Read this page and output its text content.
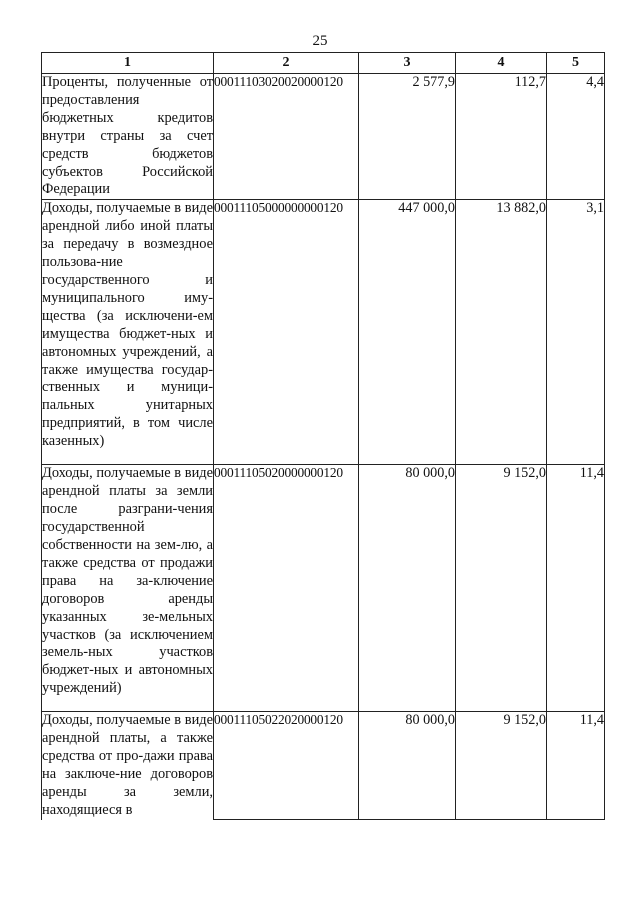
25
1	2	3	4	5
Проценты, полученные от предоставления бюджетных кредитов внутри страны за счет средств бюджетов субъектов Российской Федерации	00011103020020000120	2 577,9	112,7	4,4
Доходы, получаемые в виде арендной либо иной платы за передачу в возмездное пользова-ние государственного и муниципального иму-щества (за исключени-ем имущества бюджет-ных и автономных учреждений, а также имущества государ-ственных и муници-пальных унитарных предприятий, в том числе казенных)	00011105000000000120	447 000,0	13 882,0	3,1
Доходы, получаемые в виде арендной платы за земли после разграни-чения государственной собственности на зем-лю, а также средства от продажи права на за-ключение договоров аренды указанных зе-мельных участков (за исключением земель-ных участков бюджет-ных и автономных учреждений)	00011105020000000120	80 000,0	9 152,0	11,4
Доходы, получаемые в виде арендной платы, а также средства от про-дажи права на заключе-ние договоров аренды за земли, находящиеся в	00011105022020000120	80 000,0	9 152,0	11,4
